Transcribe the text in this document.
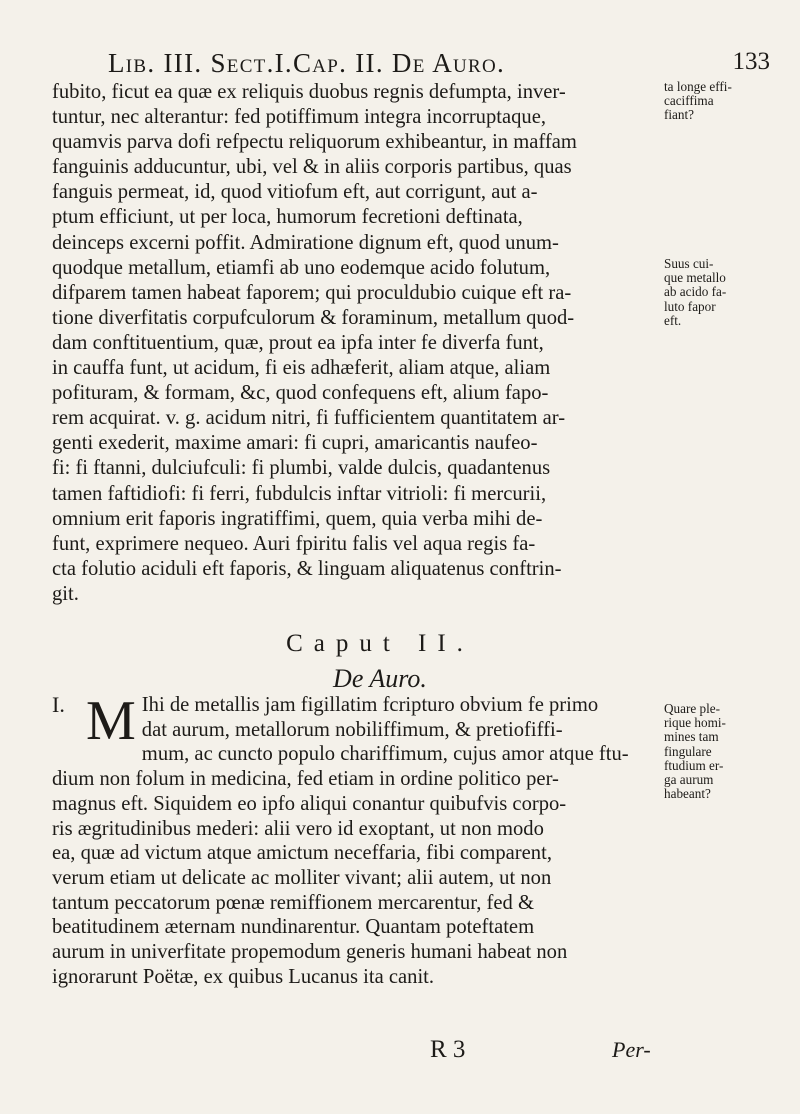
Lib. III. Sect.I.Cap. II. De Auro.	133

fubito, ficut ea quæ ex reliquis duobus regnis defumpta, inver-
tuntur, nec alterantur: fed potiffimum integra incorruptaque,
quamvis parva dofi refpectu reliquorum exhibeantur, in maffam
fanguinis adducuntur, ubi, vel & in aliis corporis partibus, quas
fanguis permeat, id, quod vitiofum eft, aut corrigunt, aut a-
ptum efficiunt, ut per loca, humorum fecretioni deftinata,
deinceps excerni poffit. Admiratione dignum eft, quod unum-
quodque metallum, etiamfi ab uno eodemque acido folutum,
difparem tamen habeat faporem; qui proculdubio cuique eft ra-
tione diverfitatis corpufculorum & foraminum, metallum quod-
dam conftituentium, quæ, prout ea ipfa inter fe diverfa funt,
in cauffa funt, ut acidum, fi eis adhæferit, aliam atque, aliam
pofituram, & formam, &c, quod confequens eft, alium fapo-
rem acquirat. v. g. acidum nitri, fi fufficientem quantitatem ar-
genti exederit, maxime amari: fi cupri, amaricantis naufeo-
fi: fi ftanni, dulciufculi: fi plumbi, valde dulcis, quadantenus
tamen faftidiofi: fi ferri, fubdulcis inftar vitrioli: fi mercurii,
omnium erit faporis ingratiffimi, quem, quia verba mihi de-
funt, exprimere nequeo. Auri fpiritu falis vel aqua regis fa-
cta folutio aciduli eft faporis, & linguam aliquatenus conftrin-
git.

ta longe effi-
caciffima
fiant?
Suus cui-
que metallo
ab acido fa-
luto fapor
eft.
Caput II.
De Auro.
I. M Ihi de metallis jam figillatim fcripturo obvium fe primo
dat aurum, metallorum nobiliffimum, & pretiofiffi-
mum, ac cuncto populo chariffimum, cujus amor atque ftu-
dium non folum in medicina, fed etiam in ordine politico per-
magnus eft. Siquidem eo ipfo aliqui conantur quibufvis corpo-
ris ægritudinibus mederi: alii vero id exoptant, ut non modo
ea, quæ ad victum atque amictum neceffaria, fibi comparent,
verum etiam ut delicate ac molliter vivant; alii autem, ut non
tantum peccatorum pœnæ remiffionem mercarentur, fed &
beatitudinem æternam nundinarentur. Quantam poteftatem
aurum in univerfitate propemodum generis humani habeat non
ignorarunt Poëtæ, ex quibus Lucanus ita canit.
Quare ple-
rique homi-
mines tam
fingulare
ftudium er-
ga aurum
habeant?
R 3	Per-
